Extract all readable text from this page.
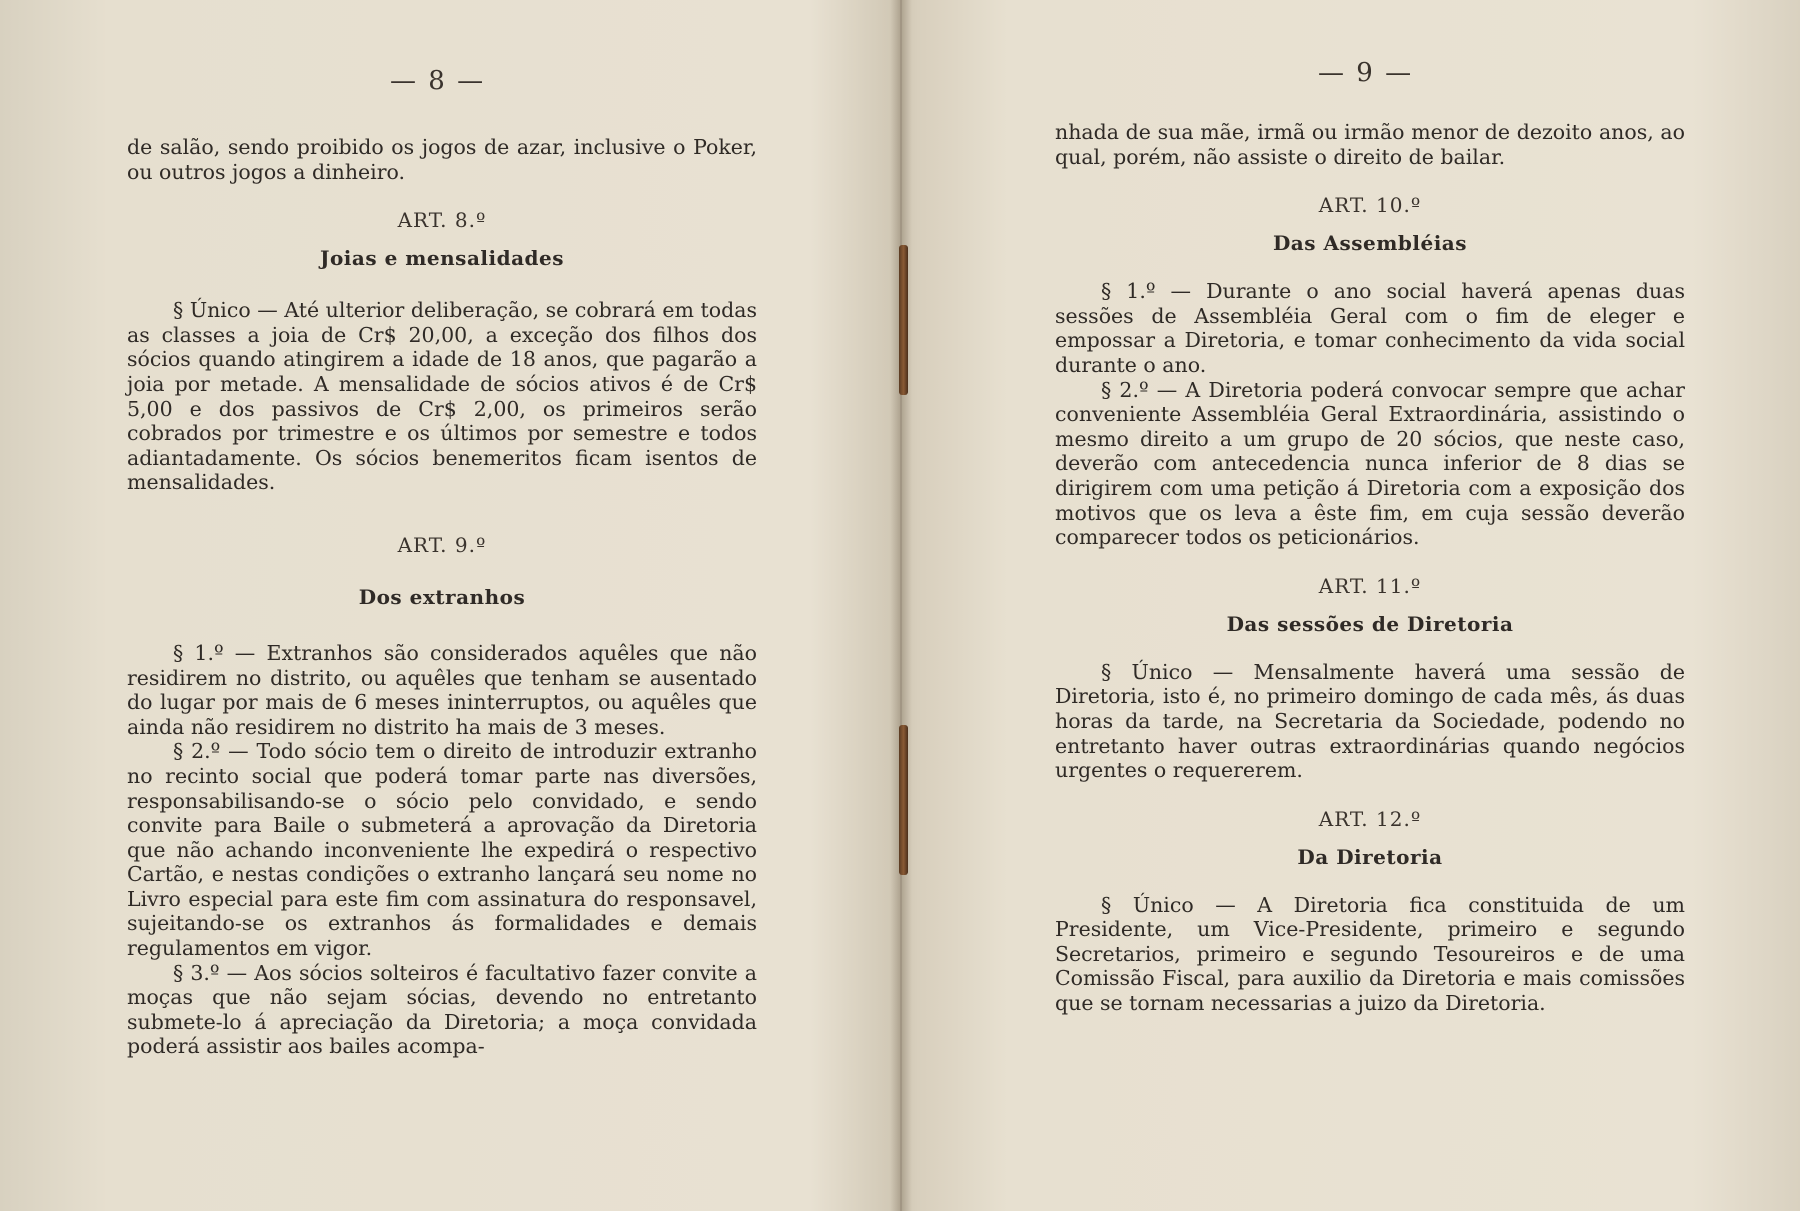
— 8 —

de salão, sendo proibido os jogos de azar, inclusive o Poker, ou outros jogos a dinheiro.

ART. 8.º

Joias e mensalidades

§ Único — Até ulterior deliberação, se cobrará em todas as classes a joia de Cr$ 20,00, a exceção dos filhos dos sócios quando atingirem a idade de 18 anos, que pagarão a joia por metade. A mensalidade de sócios ativos é de Cr$ 5,00 e dos passivos de Cr$ 2,00, os primeiros serão cobrados por trimestre e os últimos por semestre e todos adiantadamente. Os sócios benemeritos ficam isentos de mensalidades.

ART. 9.º

Dos extranhos

§ 1.º — Extranhos são considerados aquêles que não residirem no distrito, ou aquêles que tenham se ausentado do lugar por mais de 6 meses ininterruptos, ou aquêles que ainda não residirem no distrito ha mais de 3 meses.

§ 2.º — Todo sócio tem o direito de introduzir extranho no recinto social que poderá tomar parte nas diversões, responsabilisando-se o sócio pelo convidado, e sendo convite para Baile o submeterá a aprovação da Diretoria que não achando inconveniente lhe expedirá o respectivo Cartão, e nestas condições o extranho lançará seu nome no Livro especial para este fim com assinatura do responsavel, sujeitando-se os extranhos ás formalidades e demais regulamentos em vigor.

§ 3.º — Aos sócios solteiros é facultativo fazer convite a moças que não sejam sócias, devendo no entretanto submete-lo á apreciação da Diretoria; a moça convidada poderá assistir aos bailes acompa-

— 9 —

nhada de sua mãe, irmã ou irmão menor de dezoito anos, ao qual, porém, não assiste o direito de bailar.

ART. 10.º

Das Assembléias

§ 1.º — Durante o ano social haverá apenas duas sessões de Assembléia Geral com o fim de eleger e empossar a Diretoria, e tomar conhecimento da vida social durante o ano.

§ 2.º — A Diretoria poderá convocar sempre que achar conveniente Assembléia Geral Extraordinária, assistindo o mesmo direito a um grupo de 20 sócios, que neste caso, deverão com antecedencia nunca inferior de 8 dias se dirigirem com uma petição á Diretoria com a exposição dos motivos que os leva a êste fim, em cuja sessão deverão comparecer todos os peticionários.

ART. 11.º

Das sessões de Diretoria

§ Único — Mensalmente haverá uma sessão de Diretoria, isto é, no primeiro domingo de cada mês, ás duas horas da tarde, na Secretaria da Sociedade, podendo no entretanto haver outras extraordinárias quando negócios urgentes o requererem.

ART. 12.º

Da Diretoria

§ Único — A Diretoria fica constituida de um Presidente, um Vice-Presidente, primeiro e segundo Secretarios, primeiro e segundo Tesoureiros e de uma Comissão Fiscal, para auxilio da Diretoria e mais comissões que se tornam necessarias a juizo da Diretoria.
